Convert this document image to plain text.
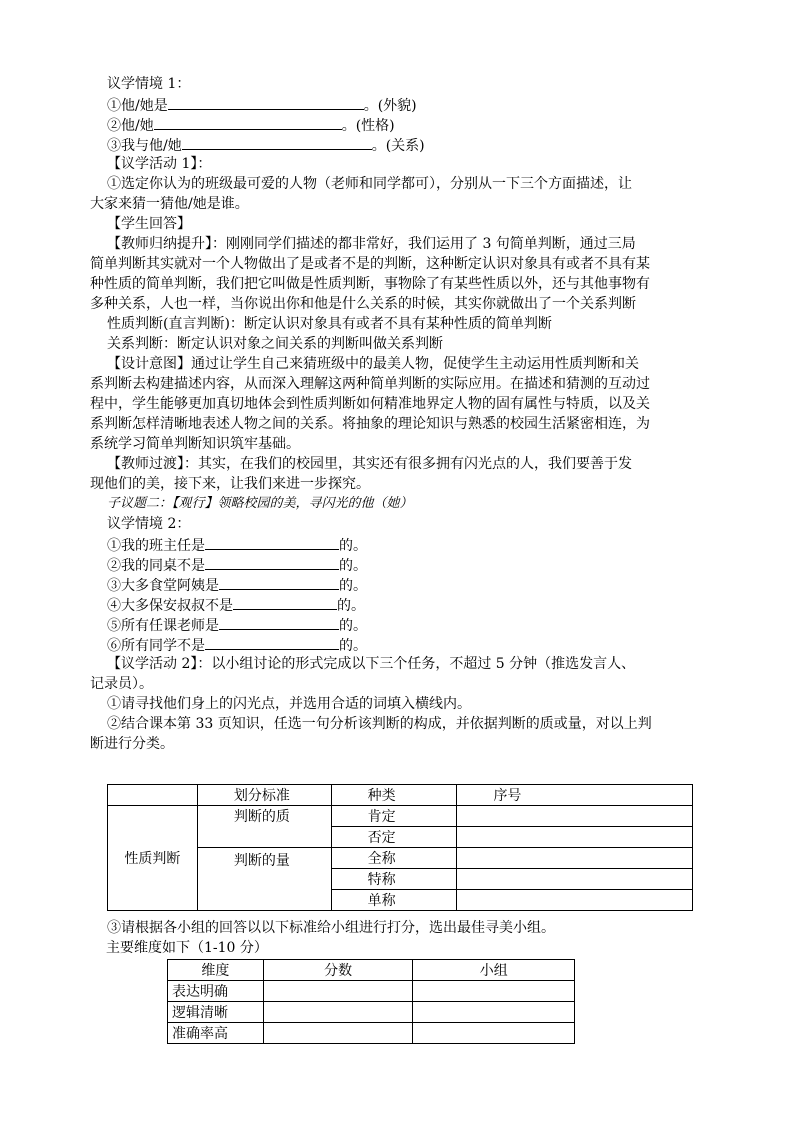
议学情境 1：
①他/她是	。(外貌)
②他/她	。(性格)
③我与他/她	。(关系)
【议学活动 1】：
①选定你认为的班级最可爱的人物（老师和同学都可），分别从一下三个方面描述，让
大家来猜一猜他/她是谁。
【学生回答】
【教师归纳提升】：刚刚同学们描述的都非常好，我们运用了 3 句简单判断，通过三局
简单判断其实就对一个人物做出了是或者不是的判断，这种断定认识对象具有或者不具有某
种性质的简单判断，我们把它叫做是性质判断，事物除了有某些性质以外，还与其他事物有
多种关系，人也一样，当你说出你和他是什么关系的时候，其实你就做出了一个关系判断
性质判断(直言判断)：断定认识对象具有或者不具有某种性质的简单判断
关系判断：断定认识对象之间关系的判断叫做关系判断
【设计意图】通过让学生自己来猜班级中的最美人物，促使学生主动运用性质判断和关
系判断去构建描述内容，从而深入理解这两种简单判断的实际应用。在描述和猜测的互动过
程中，学生能够更加真切地体会到性质判断如何精准地界定人物的固有属性与特质，以及关
系判断怎样清晰地表述人物之间的关系。将抽象的理论知识与熟悉的校园生活紧密相连，为
系统学习简单判断知识筑牢基础。
【教师过渡】：其实，在我们的校园里，其实还有很多拥有闪光点的人，我们要善于发
现他们的美，接下来，让我们来进一步探究。
子议题二：【观行】领略校园的美，寻闪光的他（她）
议学情境 2：
①我的班主任是	的。
②我的同桌不是	的。
③大多食堂阿姨是	的。
④大多保安叔叔不是	的。
⑤所有任课老师是	的。
⑥所有同学不是	的。
【议学活动 2】：以小组讨论的形式完成以下三个任务，不超过 5 分钟（推选发言人、
记录员）。
①请寻找他们身上的闪光点，并选用合适的词填入横线内。
②结合课本第 33 页知识，任选一句分析该判断的构成，并依据判断的质或量，对以上判
断进行分类。
	划分标准	种类	序号
性质判断	判断的质	肯定	
		否定	
	判断的量	全称	
		特称	
		单称	
③请根据各小组的回答以以下标准给小组进行打分，选出最佳寻美小组。
主要维度如下（1-10 分）
维度	分数	小组
表达明确		
逻辑清晰		
准确率高		
